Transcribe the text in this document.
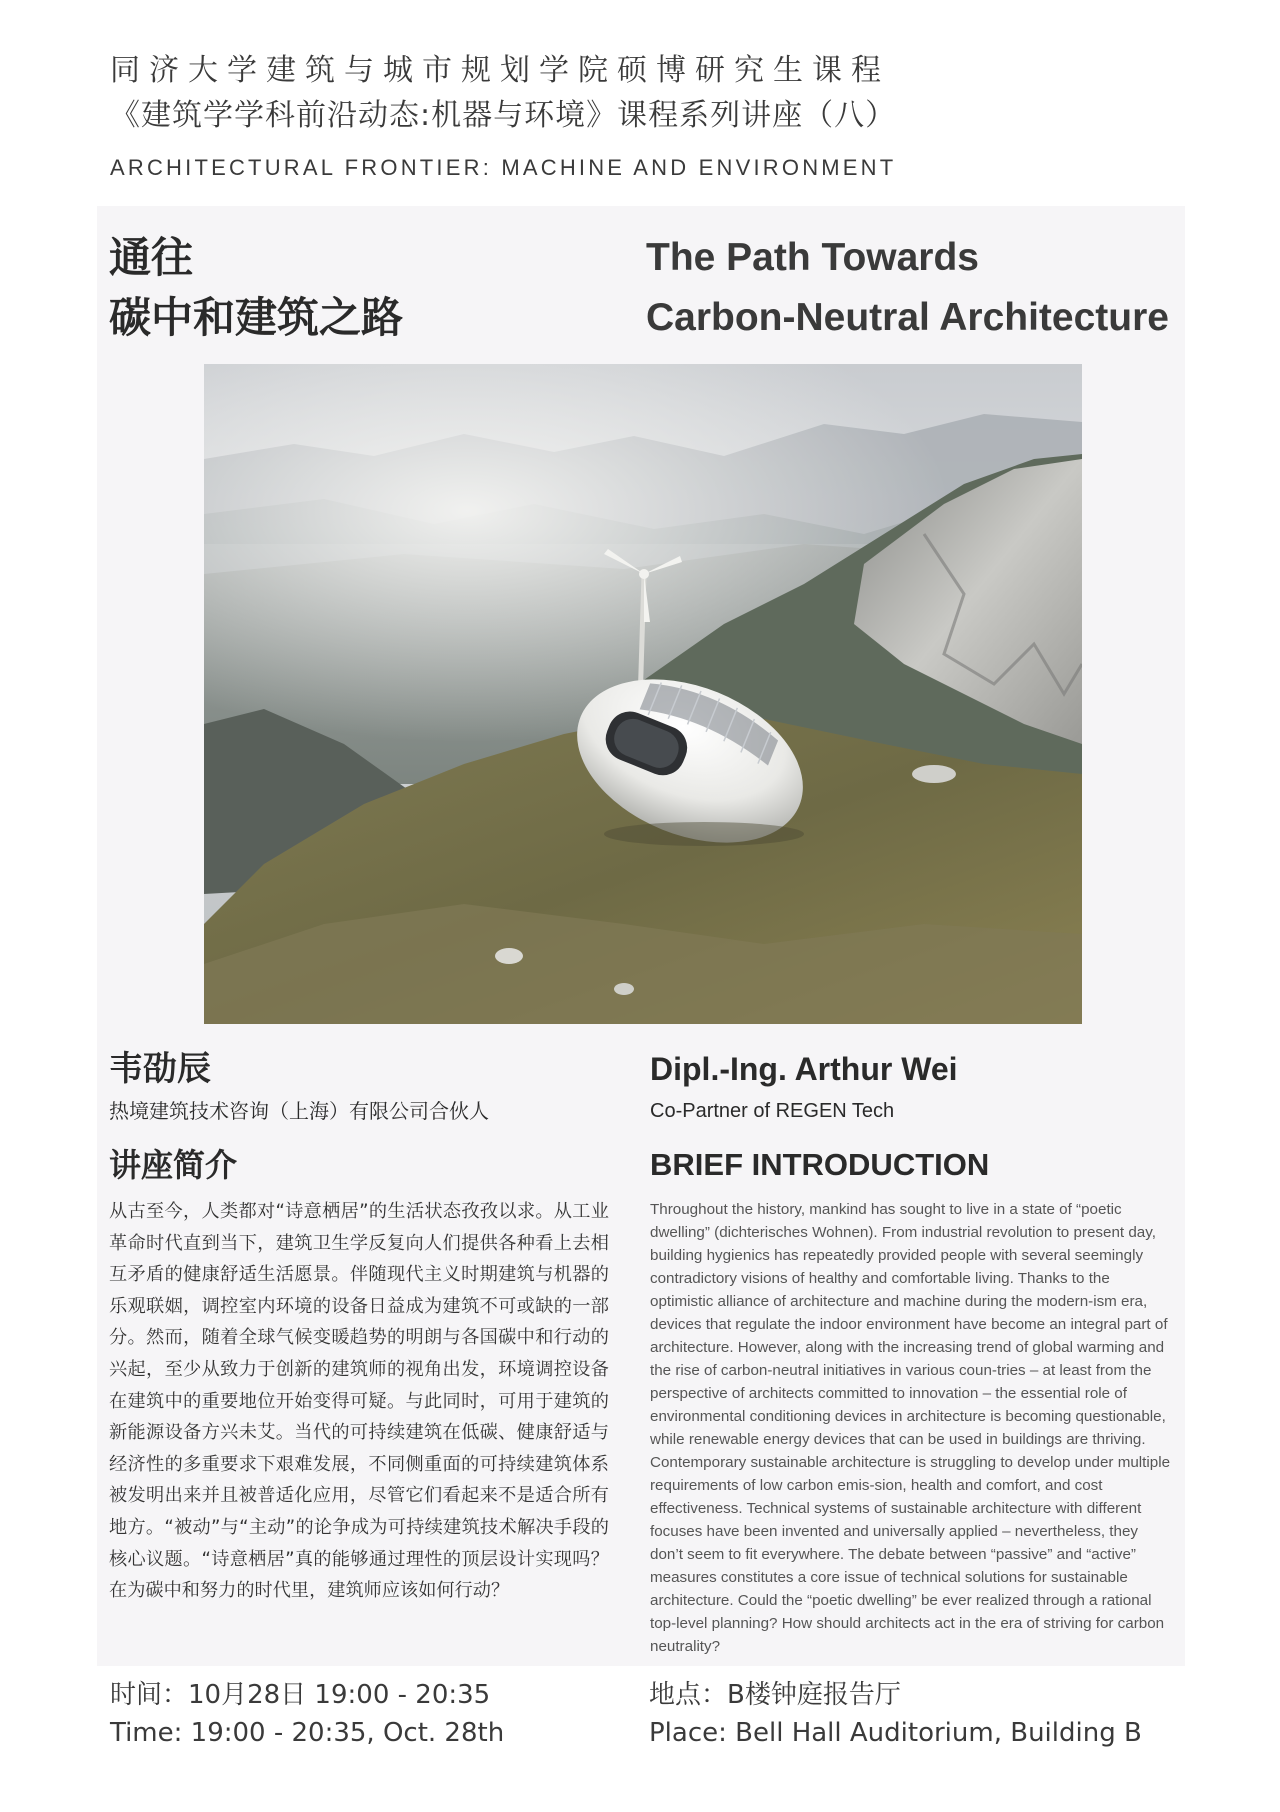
同济大学建筑与城市规划学院硕博研究生课程
《建筑学学科前沿动态:机器与环境》课程系列讲座（八）
ARCHITECTURAL FRONTIER: MACHINE AND ENVIRONMENT
通往
碳中和建筑之路
The Path Towards
Carbon-Neutral Architecture
韦劭辰
热境建筑技术咨询（上海）有限公司合伙人
Dipl.-Ing. Arthur Wei
Co-Partner of REGEN Tech
讲座简介	BRIEF INTRODUCTION
从古至今，人类都对“诗意栖居”的生活状态孜孜以求。从工业革命时代直到当下，建筑卫生学反复向人们提供各种看上去相互矛盾的健康舒适生活愿景。伴随现代主义时期建筑与机器的乐观联姻，调控室内环境的设备日益成为建筑不可或缺的一部分。然而，随着全球气候变暖趋势的明朗与各国碳中和行动的兴起，至少从致力于创新的建筑师的视角出发，环境调控设备在建筑中的重要地位开始变得可疑。与此同时，可用于建筑的新能源设备方兴未艾。当代的可持续建筑在低碳、健康舒适与经济性的多重要求下艰难发展，不同侧重面的可持续建筑体系被发明出来并且被普适化应用，尽管它们看起来不是适合所有地方。“被动”与“主动”的论争成为可持续建筑技术解决手段的核心议题。“诗意栖居”真的能够通过理性的顶层设计实现吗？在为碳中和努力的时代里，建筑师应该如何行动？
Throughout the history, mankind has sought to live in a state of “poetic dwelling” (dichterisches Wohnen). From industrial revolution to present day, building hygienics has repeatedly provided people with several seemingly contradictory visions of healthy and comfortable living. Thanks to the optimistic alliance of architecture and machine during the modern-ism era, devices that regulate the indoor environment have become an integral part of architecture. However, along with the increasing trend of global warming and the rise of carbon-neutral initiatives in various coun-tries – at least from the perspective of architects committed to innovation – the essential role of environmental conditioning devices in architecture is becoming questionable, while renewable energy devices that can be used in buildings are thriving. Contemporary sustainable architecture is struggling to develop under multiple requirements of low carbon emis-sion, health and comfort, and cost effectiveness. Technical systems of sustainable architecture with different focuses have been invented and universally applied – nevertheless, they don’t seem to fit everywhere. The debate between “passive” and “active” measures constitutes a core issue of technical solutions for sustainable architecture. Could the “poetic dwelling” be ever realized through a rational top-level planning? How should architects act in the era of striving for carbon neutrality?
时间：10月28日 19:00 - 20:35
Time: 19:00 - 20:35, Oct. 28th
地点：B楼钟庭报告厅
Place: Bell Hall Auditorium, Building B
